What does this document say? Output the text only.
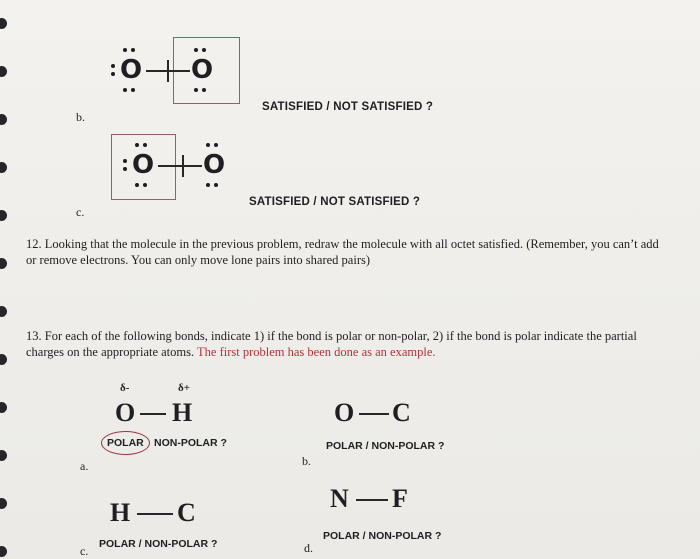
O O
b.
SATISFIED / NOT SATISFIED ?
O O
c.
SATISFIED / NOT SATISFIED ?

12. Looking that the molecule in the previous problem, redraw the molecule with all octet satisfied. (Remember, you can’t add or remove electrons. You can only move lone pairs into shared pairs)

13. For each of the following bonds, indicate 1) if the bond is polar or non-polar, 2) if the bond is polar indicate the partial charges on the appropriate atoms. The first problem has been done as an example.

δ-	δ+
O H
POLAR NON-POLAR ?
a.
O C
POLAR / NON-POLAR ?
b.
H C
POLAR / NON-POLAR ?
c.
N F
POLAR / NON-POLAR ?
d.
